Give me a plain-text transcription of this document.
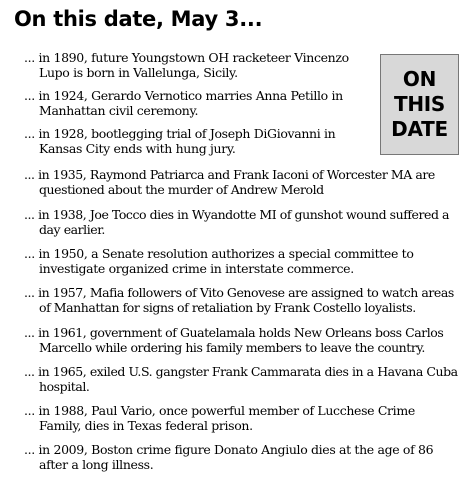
On this date, May 3...
ON
THIS
DATE
... in 1890, future Youngstown OH racketeer Vincenzo
Lupo is born in Vallelunga, Sicily.
... in 1924, Gerardo Vernotico marries Anna Petillo in
Manhattan civil ceremony.
... in 1928, bootlegging trial of Joseph DiGiovanni in
Kansas City ends with hung jury.
... in 1935, Raymond Patriarca and Frank Iaconi of Worcester MA are
questioned about the murder of Andrew Merold
... in 1938, Joe Tocco dies in Wyandotte MI of gunshot wound suffered a
day earlier.
... in 1950, a Senate resolution authorizes a special committee to
investigate organized crime in interstate commerce.
... in 1957, Mafia followers of Vito Genovese are assigned to watch areas
of Manhattan for signs of retaliation by Frank Costello loyalists.
... in 1961, government of Guatelamala holds New Orleans boss Carlos
Marcello while ordering his family members to leave the country.
... in 1965, exiled U.S. gangster Frank Cammarata dies in a Havana Cuba
hospital.
... in 1988, Paul Vario, once powerful member of Lucchese Crime
Family, dies in Texas federal prison.
... in 2009, Boston crime figure Donato Angiulo dies at the age of 86
after a long illness.
